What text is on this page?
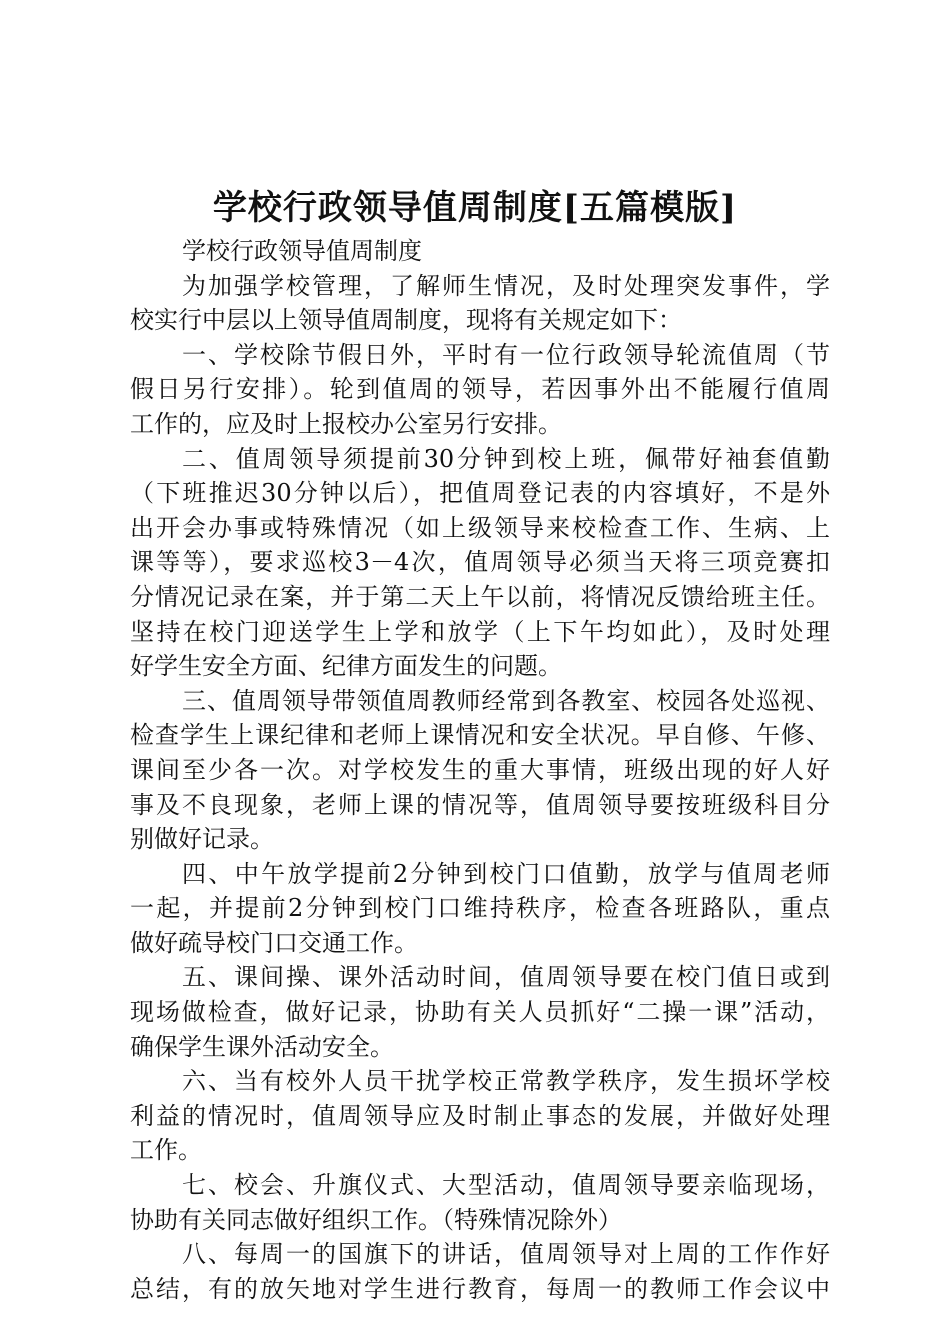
学校行政领导值周制度[五篇模版]
学校行政领导值周制度
为加强学校管理，了解师生情况，及时处理突发事件，学
校实行中层以上领导值周制度，现将有关规定如下：
一、学校除节假日外，平时有一位行政领导轮流值周（节
假日另行安排）。轮到值周的领导，若因事外出不能履行值周
工作的，应及时上报校办公室另行安排。
二、值周领导须提前30分钟到校上班，佩带好袖套值勤
（下班推迟30分钟以后），把值周登记表的内容填好，不是外
出开会办事或特殊情况（如上级领导来校检查工作、生病、上
课等等），要求巡校3－4次，值周领导必须当天将三项竞赛扣
分情况记录在案，并于第二天上午以前，将情况反馈给班主任。
坚持在校门迎送学生上学和放学（上下午均如此），及时处理
好学生安全方面、纪律方面发生的问题。
三、值周领导带领值周教师经常到各教室、校园各处巡视、
检查学生上课纪律和老师上课情况和安全状况。早自修、午修、
课间至少各一次。对学校发生的重大事情，班级出现的好人好
事及不良现象，老师上课的情况等，值周领导要按班级科目分
别做好记录。
四、中午放学提前2分钟到校门口值勤，放学与值周老师
一起，并提前2分钟到校门口维持秩序，检查各班路队，重点
做好疏导校门口交通工作。
五、课间操、课外活动时间，值周领导要在校门值日或到
现场做检查，做好记录，协助有关人员抓好“二操一课”活动，
确保学生课外活动安全。
六、当有校外人员干扰学校正常教学秩序，发生损坏学校
利益的情况时，值周领导应及时制止事态的发展，并做好处理
工作。
七、校会、升旗仪式、大型活动，值周领导要亲临现场，
协助有关同志做好组织工作。（特殊情况除外）
八、每周一的国旗下的讲话，值周领导对上周的工作作好
总结，有的放矢地对学生进行教育，每周一的教师工作会议中
